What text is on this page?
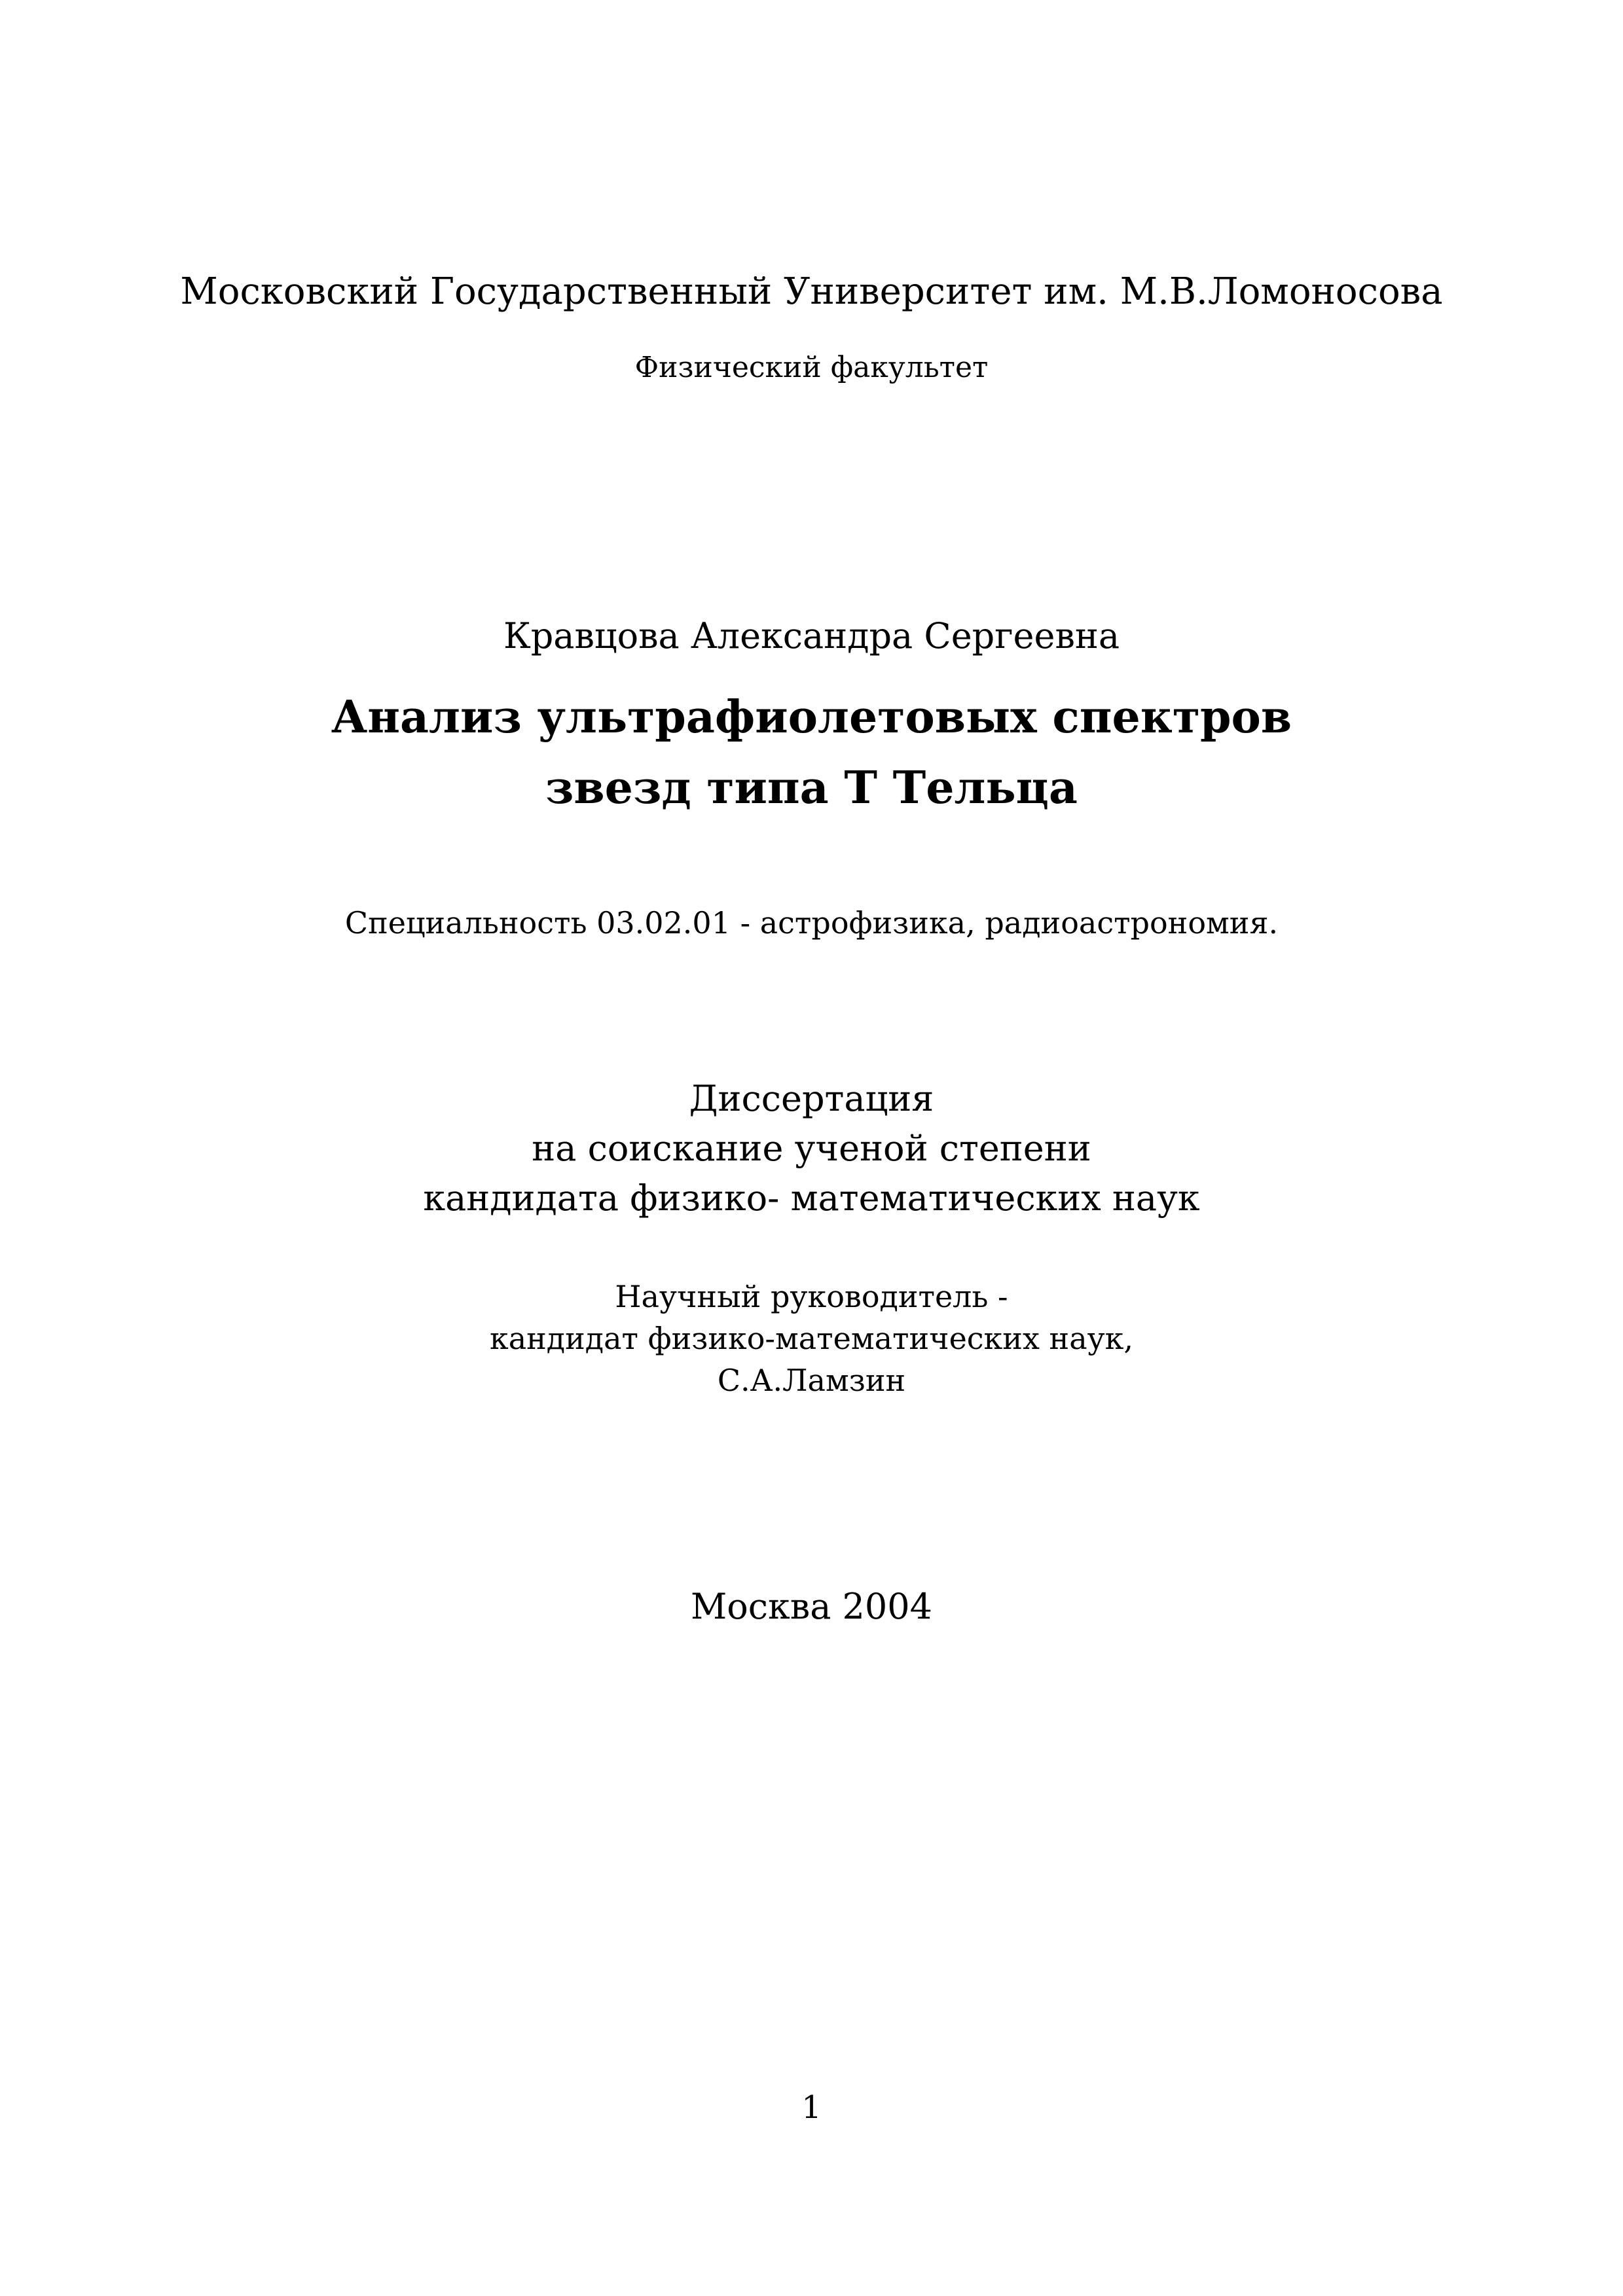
Московский Государственный Университет им. М.В.Ломоносова
Физический факультет
Кравцова Александра Сергеевна
Анализ ультрафиолетовых спектров
звезд типа Т Тельца
Специальность 03.02.01 - астрофизика, радиоастрономия.
Диссертация
на соискание ученой степени
кандидата физико- математических наук
Научный руководитель -
кандидат физико-математических наук,
С.А.Ламзин
Москва 2004
1
